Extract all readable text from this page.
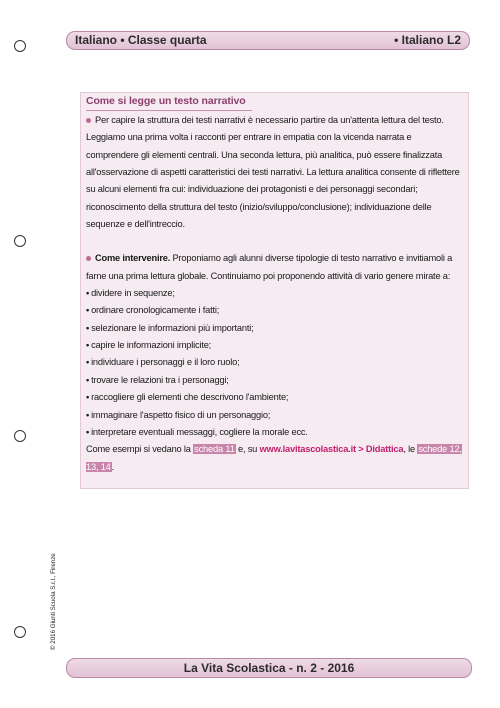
Italiano • Classe quarta	• Italiano L2
Come si legge un testo narrativo

Per capire la struttura dei testi narrativi è necessario partire da un'attenta lettura del testo. Leggiamo una prima volta i racconti per entrare in empatia con la vicenda narrata e comprendere gli elementi centrali. Una seconda lettura, più analitica, può essere finalizzata all'osservazione di aspetti caratteristici dei testi narrativi. La lettura analitica consente di riflettere su alcuni elementi fra cui: individuazione dei protagonisti e dei personaggi secondari; riconoscimento della struttura del testo (inizio/sviluppo/conclusione); individuazione delle sequenze e dell'intreccio.

Come intervenire. Proponiamo agli alunni diverse tipologie di testo narrativo e invitiamoli a farne una prima lettura globale. Continuiamo poi proponendo attività di vario genere mirate a:

• dividere in sequenze;
• ordinare cronologicamente i fatti;
• selezionare le informazioni più importanti;
• capire le informazioni implicite;
• individuare i personaggi e il loro ruolo;
• trovare le relazioni tra i personaggi;
• raccogliere gli elementi che descrivono l'ambiente;
• immaginare l'aspetto fisico di un personaggio;
• interpretare eventuali messaggi, cogliere la morale ecc.

Come esempi si vedano la scheda 11 e, su www.lavitascolastica.it > Didattica, le schede 12, 13, 14.

© 2016 Giunti Scuola S.r.l., Firenze
La Vita Scolastica - n. 2 - 2016
